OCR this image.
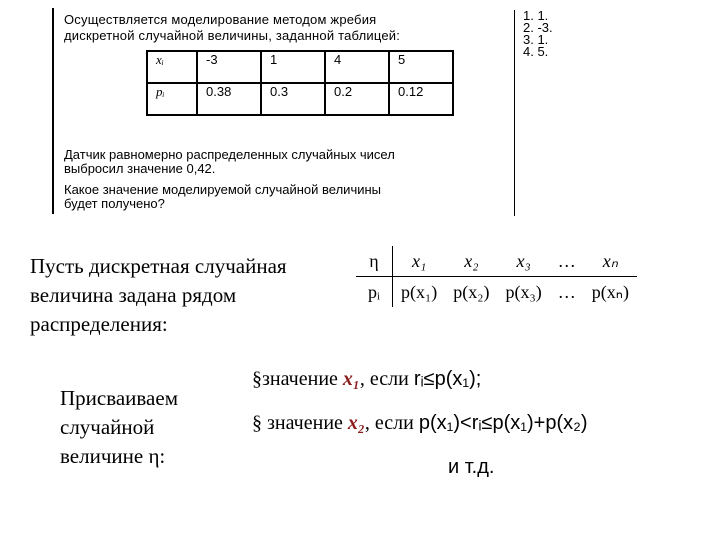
Осуществляется моделирование методом жребия
дискретной случайной величины, заданной таблицей:
xᵢ	-3	1	4	5
pᵢ	0.38	0.3	0.2	0.12
Датчик равномерно распределенных случайных чисел
выбросил значение 0,42.
Какое значение моделируемой случайной величины
будет получено?
1. 1.
2. -3.
3. 1.
4. 5.
Пусть дискретная случайная величина задана рядом распределения:
Присваиваем случайной величине η:
η	x₁	x₂	x₃	…	xₙ
pᵢ	p(x₁)	p(x₂)	p(x₃)	…	p(xₙ)
§значение x₁, если rᵢ≤p(x₁);
§ значение x₂, если p(x₁)<rᵢ≤p(x₁)+p(x₂)
и т.д.
